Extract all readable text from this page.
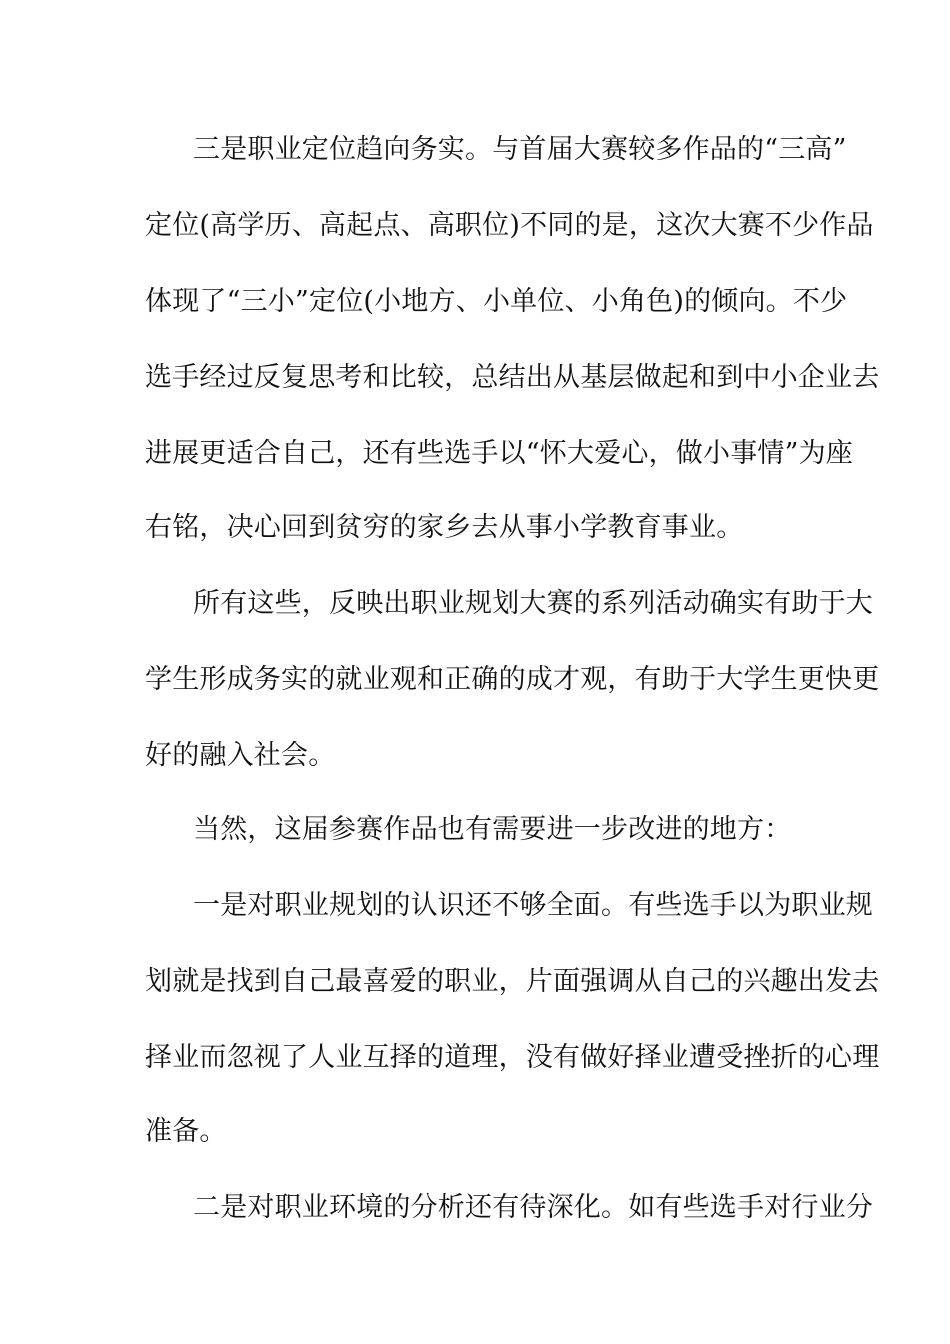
三是职业定位趋向务实。与首届大赛较多作品的“三高”
定位(高学历、高起点、高职位)不同的是，这次大赛不少作品
体现了“三小”定位(小地方、小单位、小角色)的倾向。不少
选手经过反复思考和比较，总结出从基层做起和到中小企业去
进展更适合自己，还有些选手以“怀大爱心，做小事情”为座
右铭，决心回到贫穷的家乡去从事小学教育事业。
所有这些，反映出职业规划大赛的系列活动确实有助于大
学生形成务实的就业观和正确的成才观，有助于大学生更快更
好的融入社会。
当然，这届参赛作品也有需要进一步改进的地方：
一是对职业规划的认识还不够全面。有些选手以为职业规
划就是找到自己最喜爱的职业，片面强调从自己的兴趣出发去
择业而忽视了人业互择的道理，没有做好择业遭受挫折的心理
准备。
二是对职业环境的分析还有待深化。如有些选手对行业分
